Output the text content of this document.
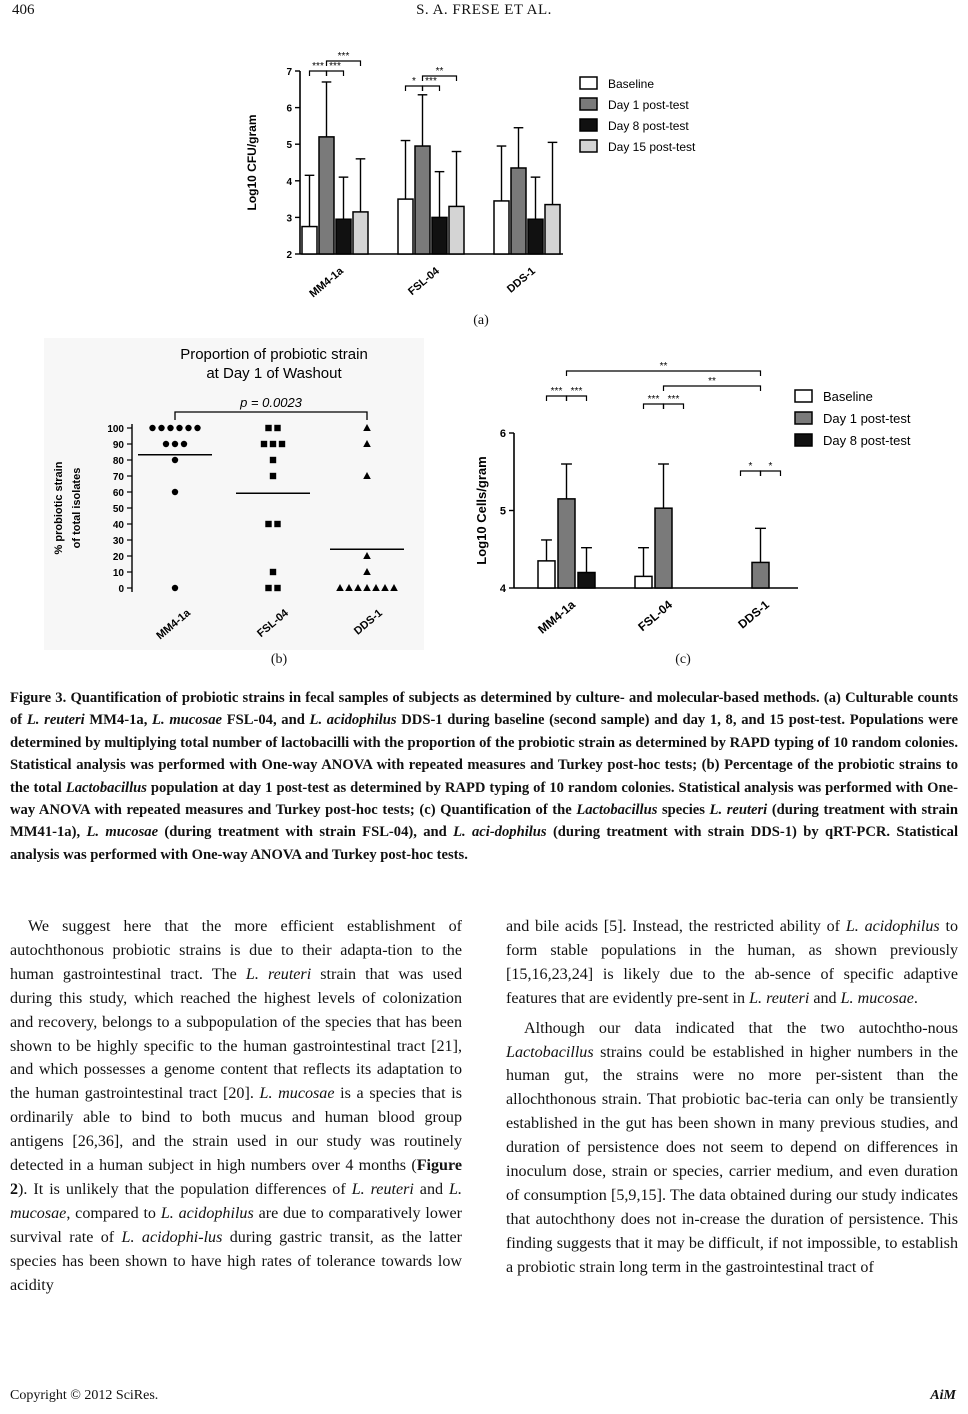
406	S. A. FRESE ET AL.
2
3
4
5
6
7
MM4-1a	FSL-04	DDS-1
Log10 CFU/gram
Baseline
Day 1 post-test
Day 8 post-test
Day 15 post-test
*** ***
***
* ***
**
(a)
Proportion of probiotic strain
at Day 1 of Washout
0
10
20
30
40
50
60
70
80
90
100
% probiotic strain of total isolates
p = 0.0023
MM4-1a	FSL-04	DDS-1
(b)
4
5
6
MM4-1a	FSL-04	DDS-1
Log10 Cells/gram
Baseline
Day 1 post-test
Day 8 post-test
*** ***
*** ***
* *
**
**
(c)
Figure 3. Quantification of probiotic strains in fecal samples of subjects as determined by culture- and molecular-based methods. (a) Culturable counts of L. reuteri MM4-1a, L. mucosae FSL-04, and L. acidophilus DDS-1 during baseline (second sample) and day 1, 8, and 15 post-test. Populations were determined by multiplying total number of lactobacilli with the proportion of the probiotic strain as determined by RAPD typing of 10 random colonies. Statistical analysis was performed with One-way ANOVA with repeated measures and Turkey post-hoc tests; (b) Percentage of the probiotic strains to the total Lactobacillus population at day 1 post-test as determined by RAPD typing of 10 random colonies. Statistical analysis was performed with One-way ANOVA with repeated measures and Turkey post-hoc tests; (c) Quantification of the Lactobacillus species L. reuteri (during treatment with strain MM41-1a), L. mucosae (during treatment with strain FSL-04), and L. aci-dophilus (during treatment with strain DDS-1) by qRT-PCR. Statistical analysis was performed with One-way ANOVA and Turkey post-hoc tests.

We suggest here that the more efficient establishment of autochthonous probiotic strains is due to their adapta-tion to the human gastrointestinal tract. The L. reuteri strain that was used during this study, which reached the highest levels of colonization and recovery, belongs to a subpopulation of the species that has been shown to be highly specific to the human gastrointestinal tract [21], and which possesses a genome content that reflects its adaptation to the human gastrointestinal tract [20]. L. mucosae is a species that is ordinarily able to bind to both mucus and human blood group antigens [26,36], and the strain used in our study was routinely detected in a human subject in high numbers over 4 months (Figure 2). It is unlikely that the population differences of L. reuteri and L. mucosae, compared to L. acidophilus are due to comparatively lower survival rate of L. acidophi-lus during gastric transit, as the latter species has been shown to have high rates of tolerance towards low acidity

and bile acids [5]. Instead, the restricted ability of L. acidophilus to form stable populations in the human, as shown previously [15,16,23,24] is likely due to the ab-sence of specific adaptive features that are evidently pre-sent in L. reuteri and L. mucosae.

Although our data indicated that the two autochtho-nous Lactobacillus strains could be established in higher numbers in the human gut, the strains were no more per-sistent than the allochthonous strain. That probiotic bac-teria can only be transiently established in the gut has been shown in many previous studies, and duration of persistence does not seem to depend on differences in inoculum dose, strain or species, carrier medium, and even duration of consumption [5,9,15]. The data obtained during our study indicates that autochthony does not in-crease the duration of persistence. This finding suggests that it may be difficult, if not impossible, to establish a probiotic strain long term in the gastrointestinal tract of

Copyright © 2012 SciRes.	AiM
